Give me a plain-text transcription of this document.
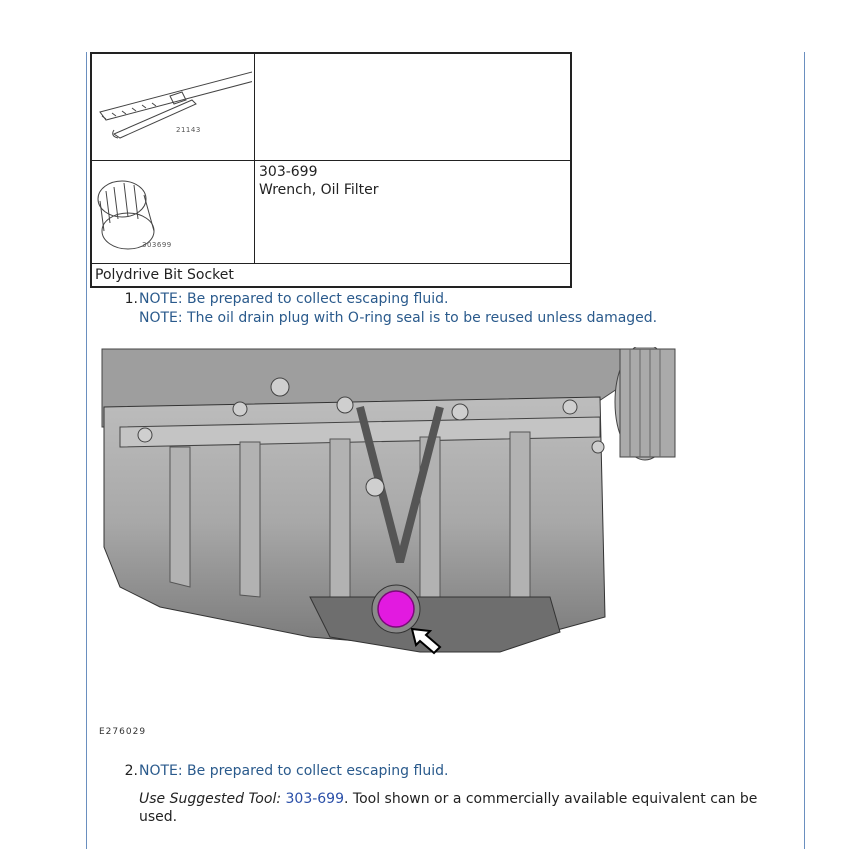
21143
303699
303-699
Wrench, Oil Filter
Polydrive Bit Socket
1. NOTE: Be prepared to collect escaping fluid.
NOTE: The oil drain plug with O-ring seal is to be reused unless damaged.
E276029
2. NOTE: Be prepared to collect escaping fluid.
Use Suggested Tool: 303-699. Tool shown or a commercially available equivalent can be used.
